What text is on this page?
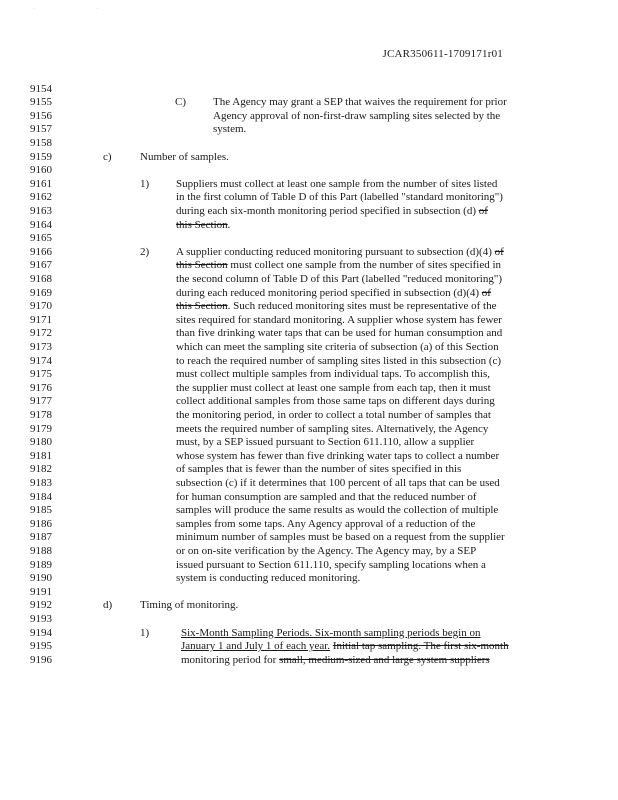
· ·
JCAR350611-1709171r01
9154
9155
9156
9157
9158
9159
9160
9161
9162
9163
9164
9165
9166
9167
9168
9169
9170
9171
9172
9173
9174
9175
9176
9177
9178
9179
9180
9181
9182
9183
9184
9185
9186
9187
9188
9189
9190
9191
9192
9193
9194
9195
9196
C) The Agency may grant a SEP that waives the requirement for prior
Agency approval of non-first-draw sampling sites selected by the
system.
c)	Number of samples.
1) Suppliers must collect at least one sample from the number of sites listed
in the first column of Table D of this Part (labelled "standard monitoring")
during each six-month monitoring period specified in subsection (d) of
this Section.
2) A supplier conducting reduced monitoring pursuant to subsection (d)(4) of
this Section must collect one sample from the number of sites specified in
the second column of Table D of this Part (labelled "reduced monitoring")
during each reduced monitoring period specified in subsection (d)(4) of
this Section. Such reduced monitoring sites must be representative of the
sites required for standard monitoring. A supplier whose system has fewer
than five drinking water taps that can be used for human consumption and
which can meet the sampling site criteria of subsection (a) of this Section
to reach the required number of sampling sites listed in this subsection (c)
must collect multiple samples from individual taps. To accomplish this,
the supplier must collect at least one sample from each tap, then it must
collect additional samples from those same taps on different days during
the monitoring period, in order to collect a total number of samples that
meets the required number of sampling sites. Alternatively, the Agency
must, by a SEP issued pursuant to Section 611.110, allow a supplier
whose system has fewer than five drinking water taps to collect a number
of samples that is fewer than the number of sites specified in this
subsection (c) if it determines that 100 percent of all taps that can be used
for human consumption are sampled and that the reduced number of
samples will produce the same results as would the collection of multiple
samples from some taps. Any Agency approval of a reduction of the
minimum number of samples must be based on a request from the supplier
or on on-site verification by the Agency. The Agency may, by a SEP
issued pursuant to Section 611.110, specify sampling locations when a
system is conducting reduced monitoring.
d)	Timing of monitoring.
1)	Six-Month Sampling Periods. Six-month sampling periods begin on
January 1 and July 1 of each year. Initial tap sampling. The first six-month
monitoring period for small, medium-sized and large system suppliers
